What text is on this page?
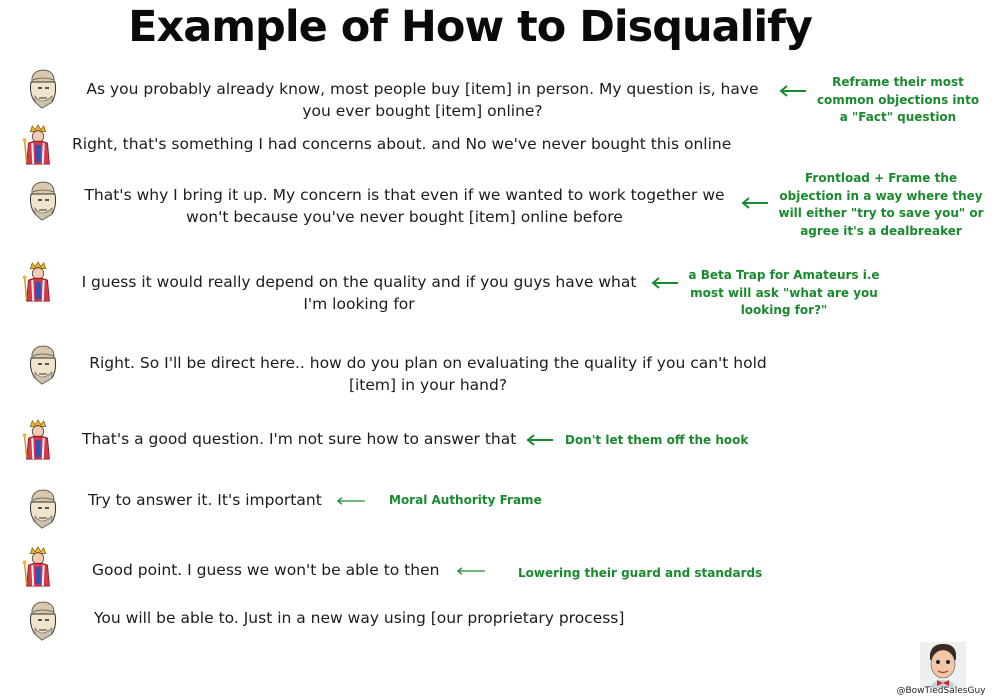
Example of How to Disqualify
As you probably already know, most people buy [item] in person. My question is, have you ever bought [item] online?
Right, that's something I had concerns about. and No we've never bought this online
That's why I bring it up. My concern is that even if we wanted to work together we won't because you've never bought [item] online before
I guess it would really depend on the quality and if you guys have what I'm looking for
Right. So I'll be direct here.. how do you plan on evaluating the quality if you can't hold [item] in your hand?
That's a good question. I'm not sure how to answer that
Try to answer it. It's important
Good point. I guess we won't be able to then
You will be able to. Just in a new way using [our proprietary process]
Reframe their most common objections into a "Fact" question
Frontload + Frame the objection in a way where they will either "try to save you" or agree it's a dealbreaker
a Beta Trap for Amateurs i.e most will ask "what are you looking for?"
Don't let them off the hook
Moral Authority Frame
Lowering their guard and standards
@BowTiedSalesGuy
